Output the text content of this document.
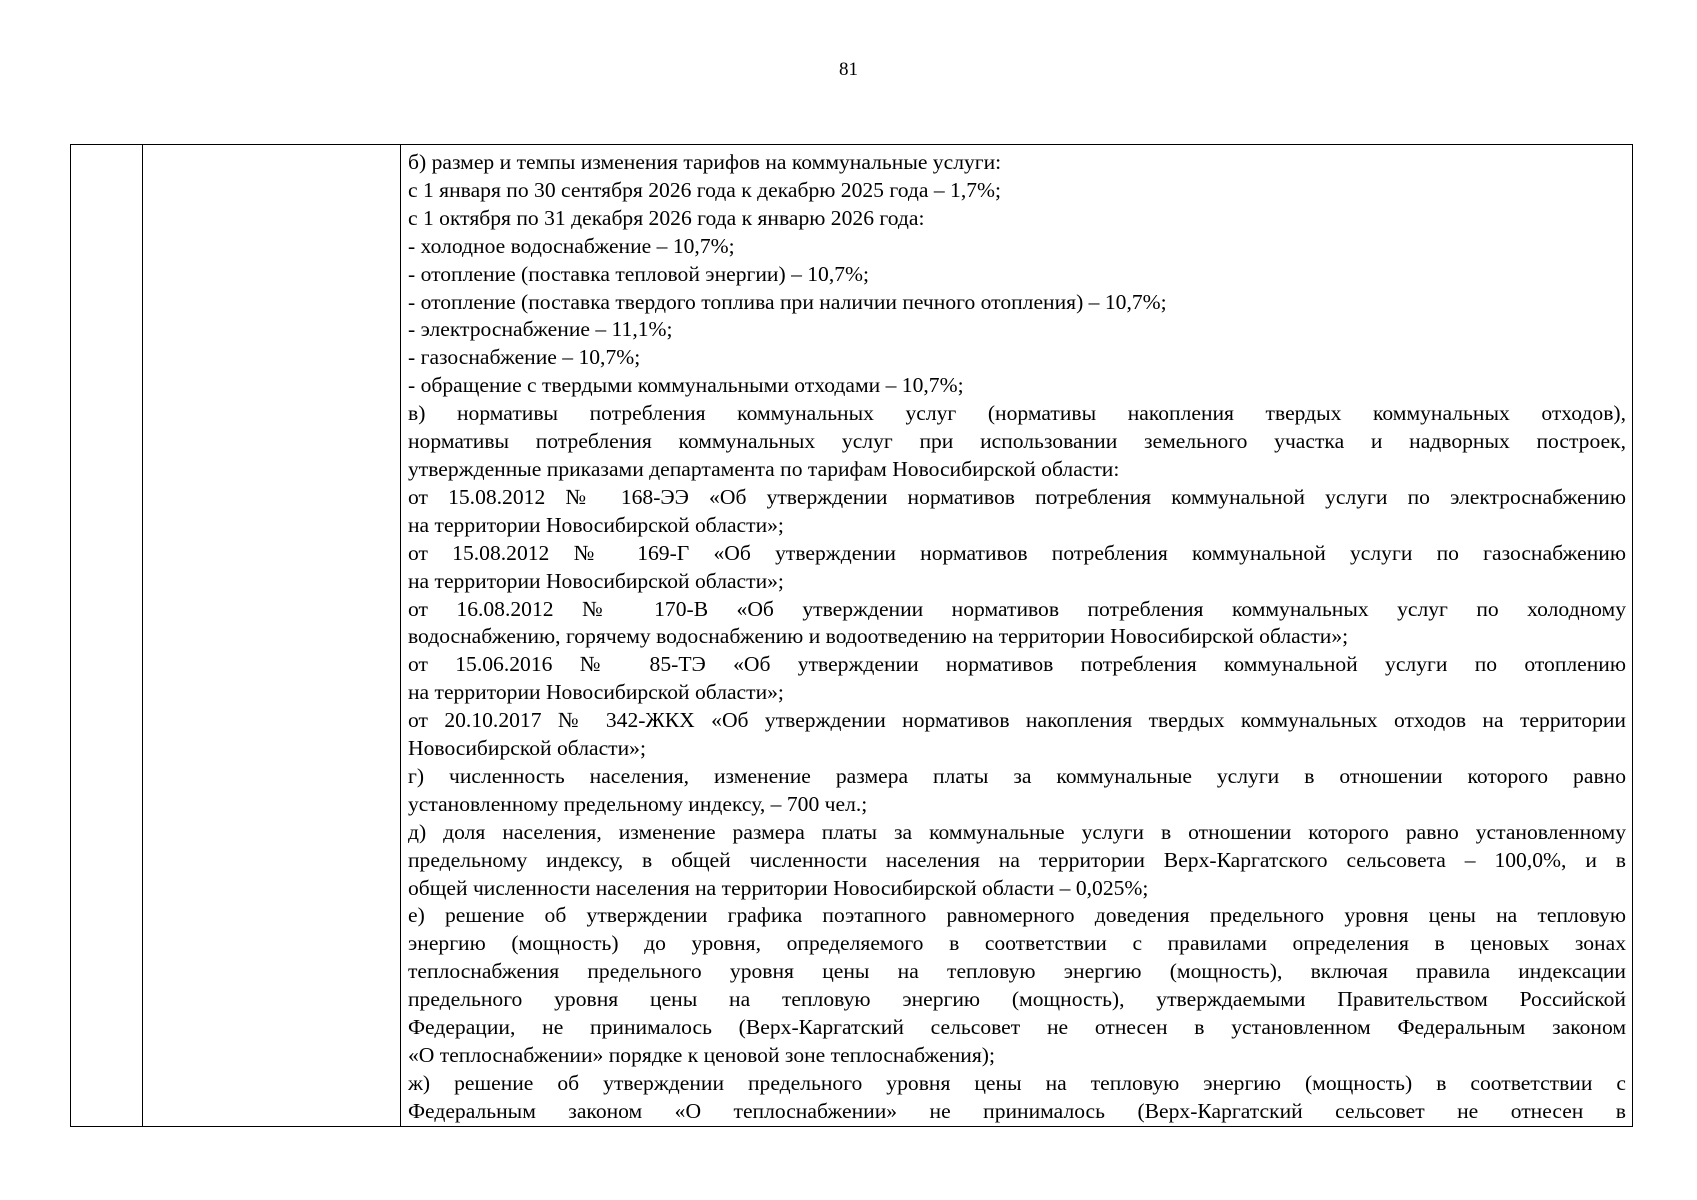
81

б) размер и темпы изменения тарифов на коммунальные услуги:
с 1 января по 30 сентября 2026 года к декабрю 2025 года – 1,7%;
с 1 октября по 31 декабря 2026 года к январю 2026 года:
- холодное водоснабжение – 10,7%;
- отопление (поставка тепловой энергии) – 10,7%;
- отопление (поставка твердого топлива при наличии печного отопления) – 10,7%;
- электроснабжение – 11,1%;
- газоснабжение – 10,7%;
- обращение с твердыми коммунальными отходами – 10,7%;
в) нормативы потребления коммунальных услуг (нормативы накопления твердых коммунальных отходов),
нормативы потребления коммунальных услуг при использовании земельного участка и надворных построек,
утвержденные приказами департамента по тарифам Новосибирской области:
от 15.08.2012 № 168-ЭЭ «Об утверждении нормативов потребления коммунальной услуги по электроснабжению
на территории Новосибирской области»;
от 15.08.2012 № 169-Г «Об утверждении нормативов потребления коммунальной услуги по газоснабжению
на территории Новосибирской области»;
от 16.08.2012 № 170-В «Об утверждении нормативов потребления коммунальных услуг по холодному
водоснабжению, горячему водоснабжению и водоотведению на территории Новосибирской области»;
от 15.06.2016 № 85-ТЭ «Об утверждении нормативов потребления коммунальной услуги по отоплению
на территории Новосибирской области»;
от 20.10.2017 № 342-ЖКХ «Об утверждении нормативов накопления твердых коммунальных отходов на территории
Новосибирской области»;
г) численность населения, изменение размера платы за коммунальные услуги в отношении которого равно
установленному предельному индексу, – 700 чел.;
д) доля населения, изменение размера платы за коммунальные услуги в отношении которого равно установленному
предельному индексу, в общей численности населения на территории Верх-Каргатского сельсовета – 100,0%, и в
общей численности населения на территории Новосибирской области – 0,025%;
е) решение об утверждении графика поэтапного равномерного доведения предельного уровня цены на тепловую
энергию (мощность) до уровня, определяемого в соответствии с правилами определения в ценовых зонах
теплоснабжения предельного уровня цены на тепловую энергию (мощность), включая правила индексации
предельного уровня цены на тепловую энергию (мощность), утверждаемыми Правительством Российской
Федерации, не принималось (Верх-Каргатский сельсовет не отнесен в установленном Федеральным законом
«О теплоснабжении» порядке к ценовой зоне теплоснабжения);
ж) решение об утверждении предельного уровня цены на тепловую энергию (мощность) в соответствии с
Федеральным законом «О теплоснабжении» не принималось (Верх-Каргатский сельсовет не отнесен в
